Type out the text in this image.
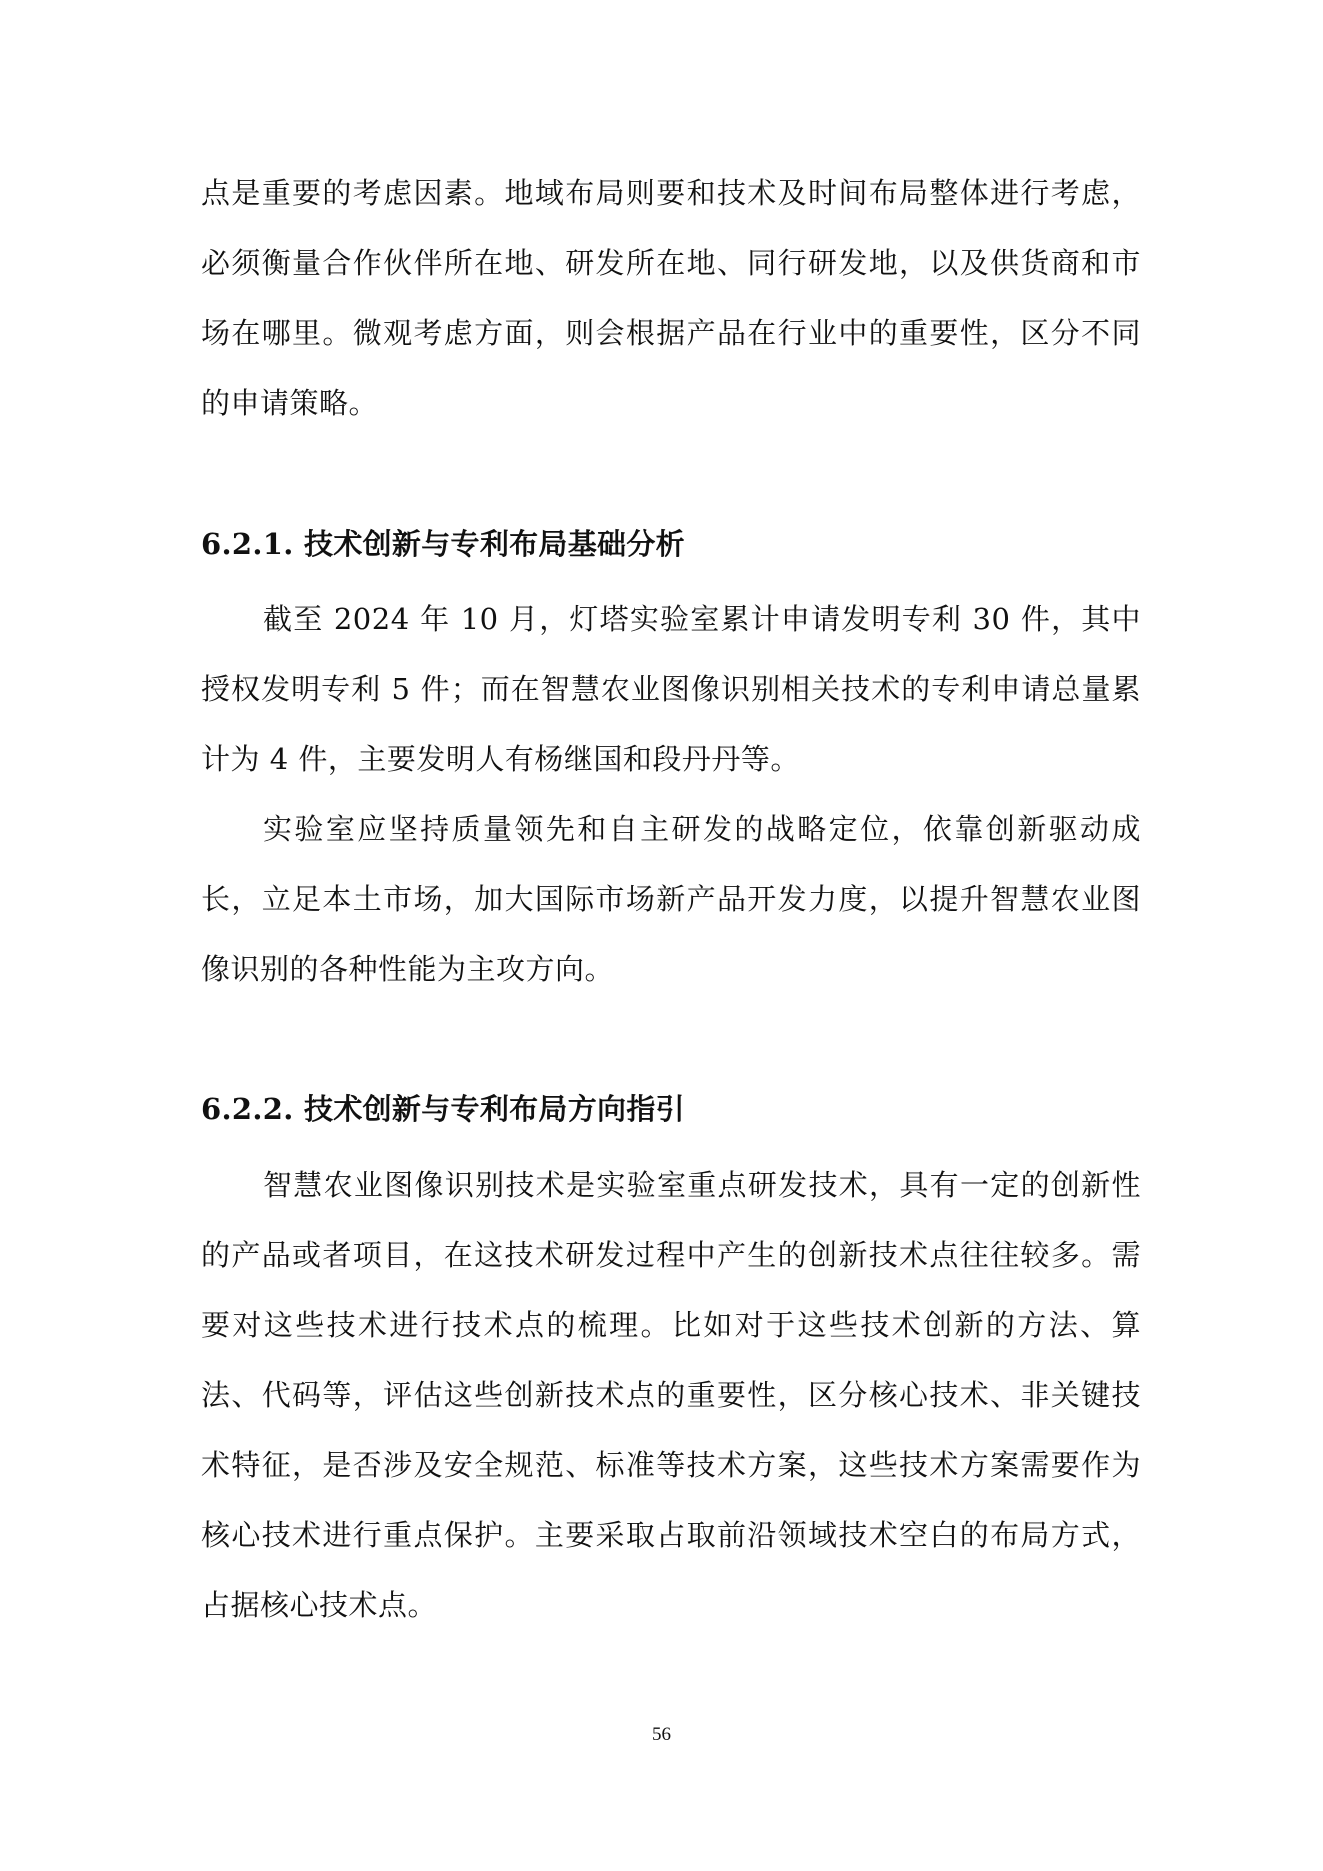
点是重要的考虑因素。地域布局则要和技术及时间布局整体进行考虑，必须衡量合作伙伴所在地、研发所在地、同行研发地，以及供货商和市场在哪里。微观考虑方面，则会根据产品在行业中的重要性，区分不同的申请策略。

6.2.1. 技术创新与专利布局基础分析

截至 2024 年 10 月，灯塔实验室累计申请发明专利 30 件，其中授权发明专利 5 件；而在智慧农业图像识别相关技术的专利申请总量累计为 4 件，主要发明人有杨继国和段丹丹等。

实验室应坚持质量领先和自主研发的战略定位，依靠创新驱动成长，立足本土市场，加大国际市场新产品开发力度，以提升智慧农业图像识别的各种性能为主攻方向。

6.2.2. 技术创新与专利布局方向指引

智慧农业图像识别技术是实验室重点研发技术，具有一定的创新性的产品或者项目，在这技术研发过程中产生的创新技术点往往较多。需要对这些技术进行技术点的梳理。比如对于这些技术创新的方法、算法、代码等，评估这些创新技术点的重要性，区分核心技术、非关键技术特征，是否涉及安全规范、标准等技术方案，这些技术方案需要作为核心技术进行重点保护。主要采取占取前沿领域技术空白的布局方式，占据核心技术点。

56
